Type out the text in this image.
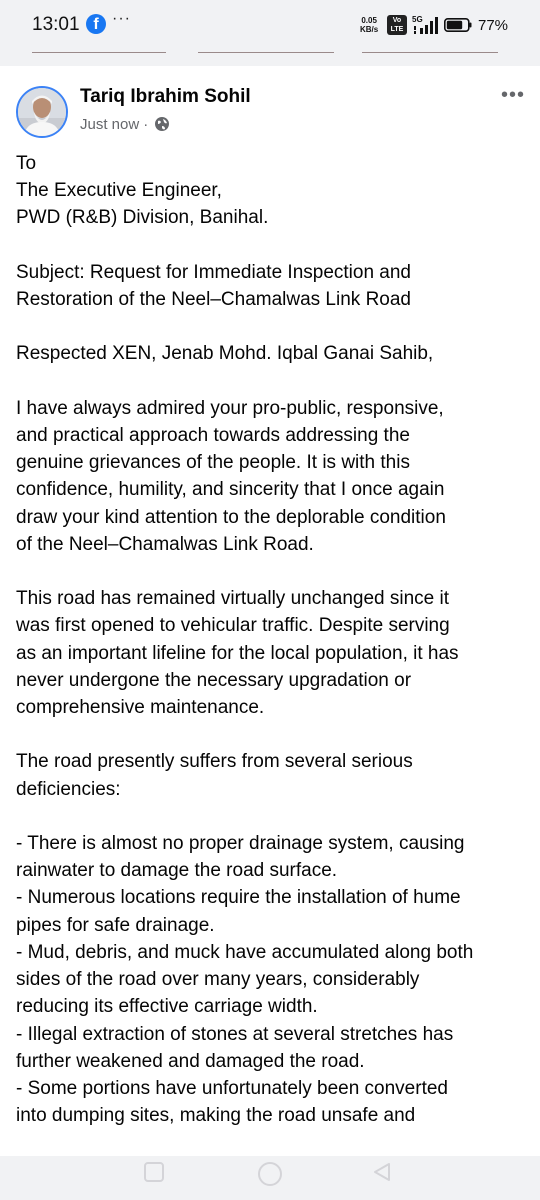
13:01 f ···	0.05
KB/s
Vo
LTE
5G	77%
Tariq Ibrahim Sohil
Just now ·
•••

To
The Executive Engineer,
PWD (R&B) Division, Banihal.

Subject: Request for Immediate Inspection and
Restoration of the Neel–Chamalwas Link Road

Respected XEN, Jenab Mohd. Iqbal Ganai Sahib,

I have always admired your pro-public, responsive,
and practical approach towards addressing the
genuine grievances of the people. It is with this
confidence, humility, and sincerity that I once again
draw your kind attention to the deplorable condition
of the Neel–Chamalwas Link Road.

This road has remained virtually unchanged since it
was first opened to vehicular traffic. Despite serving
as an important lifeline for the local population, it has
never undergone the necessary upgradation or
comprehensive maintenance.

The road presently suffers from several serious
deficiencies:

- There is almost no proper drainage system, causing
rainwater to damage the road surface.
- Numerous locations require the installation of hume
pipes for safe drainage.
- Mud, debris, and muck have accumulated along both
sides of the road over many years, considerably
reducing its effective carriage width.
- Illegal extraction of stones at several stretches has
further weakened and damaged the road.
- Some portions have unfortunately been converted
into dumping sites, making the road unsafe and
